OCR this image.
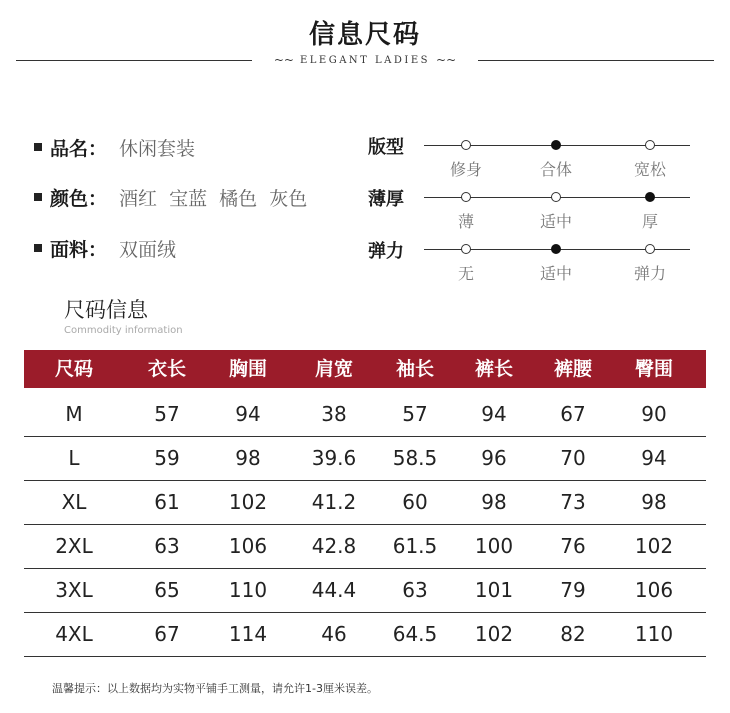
信息尺码
~~ ELEGANT LADIES ~~
品名： 休闲套装
颜色： 酒红  宝蓝  橘色  灰色
面料： 双面绒
版型
修身	合体	宽松
薄厚
薄	适中	厚
弹力
无	适中	弹力
尺码信息
Commodity information
尺码	衣长	胸围	肩宽	袖长	裤长	裤腰	臀围
M	57	94	38	57	94	67	90
L	59	98	39.6	58.5	96	70	94
XL	61	102	41.2	60	98	73	98
2XL	63	106	42.8	61.5	100	76	102
3XL	65	110	44.4	63	101	79	106
4XL	67	114	46	64.5	102	82	110
温馨提示：以上数据均为实物平铺手工测量，请允许1-3厘米误差。
